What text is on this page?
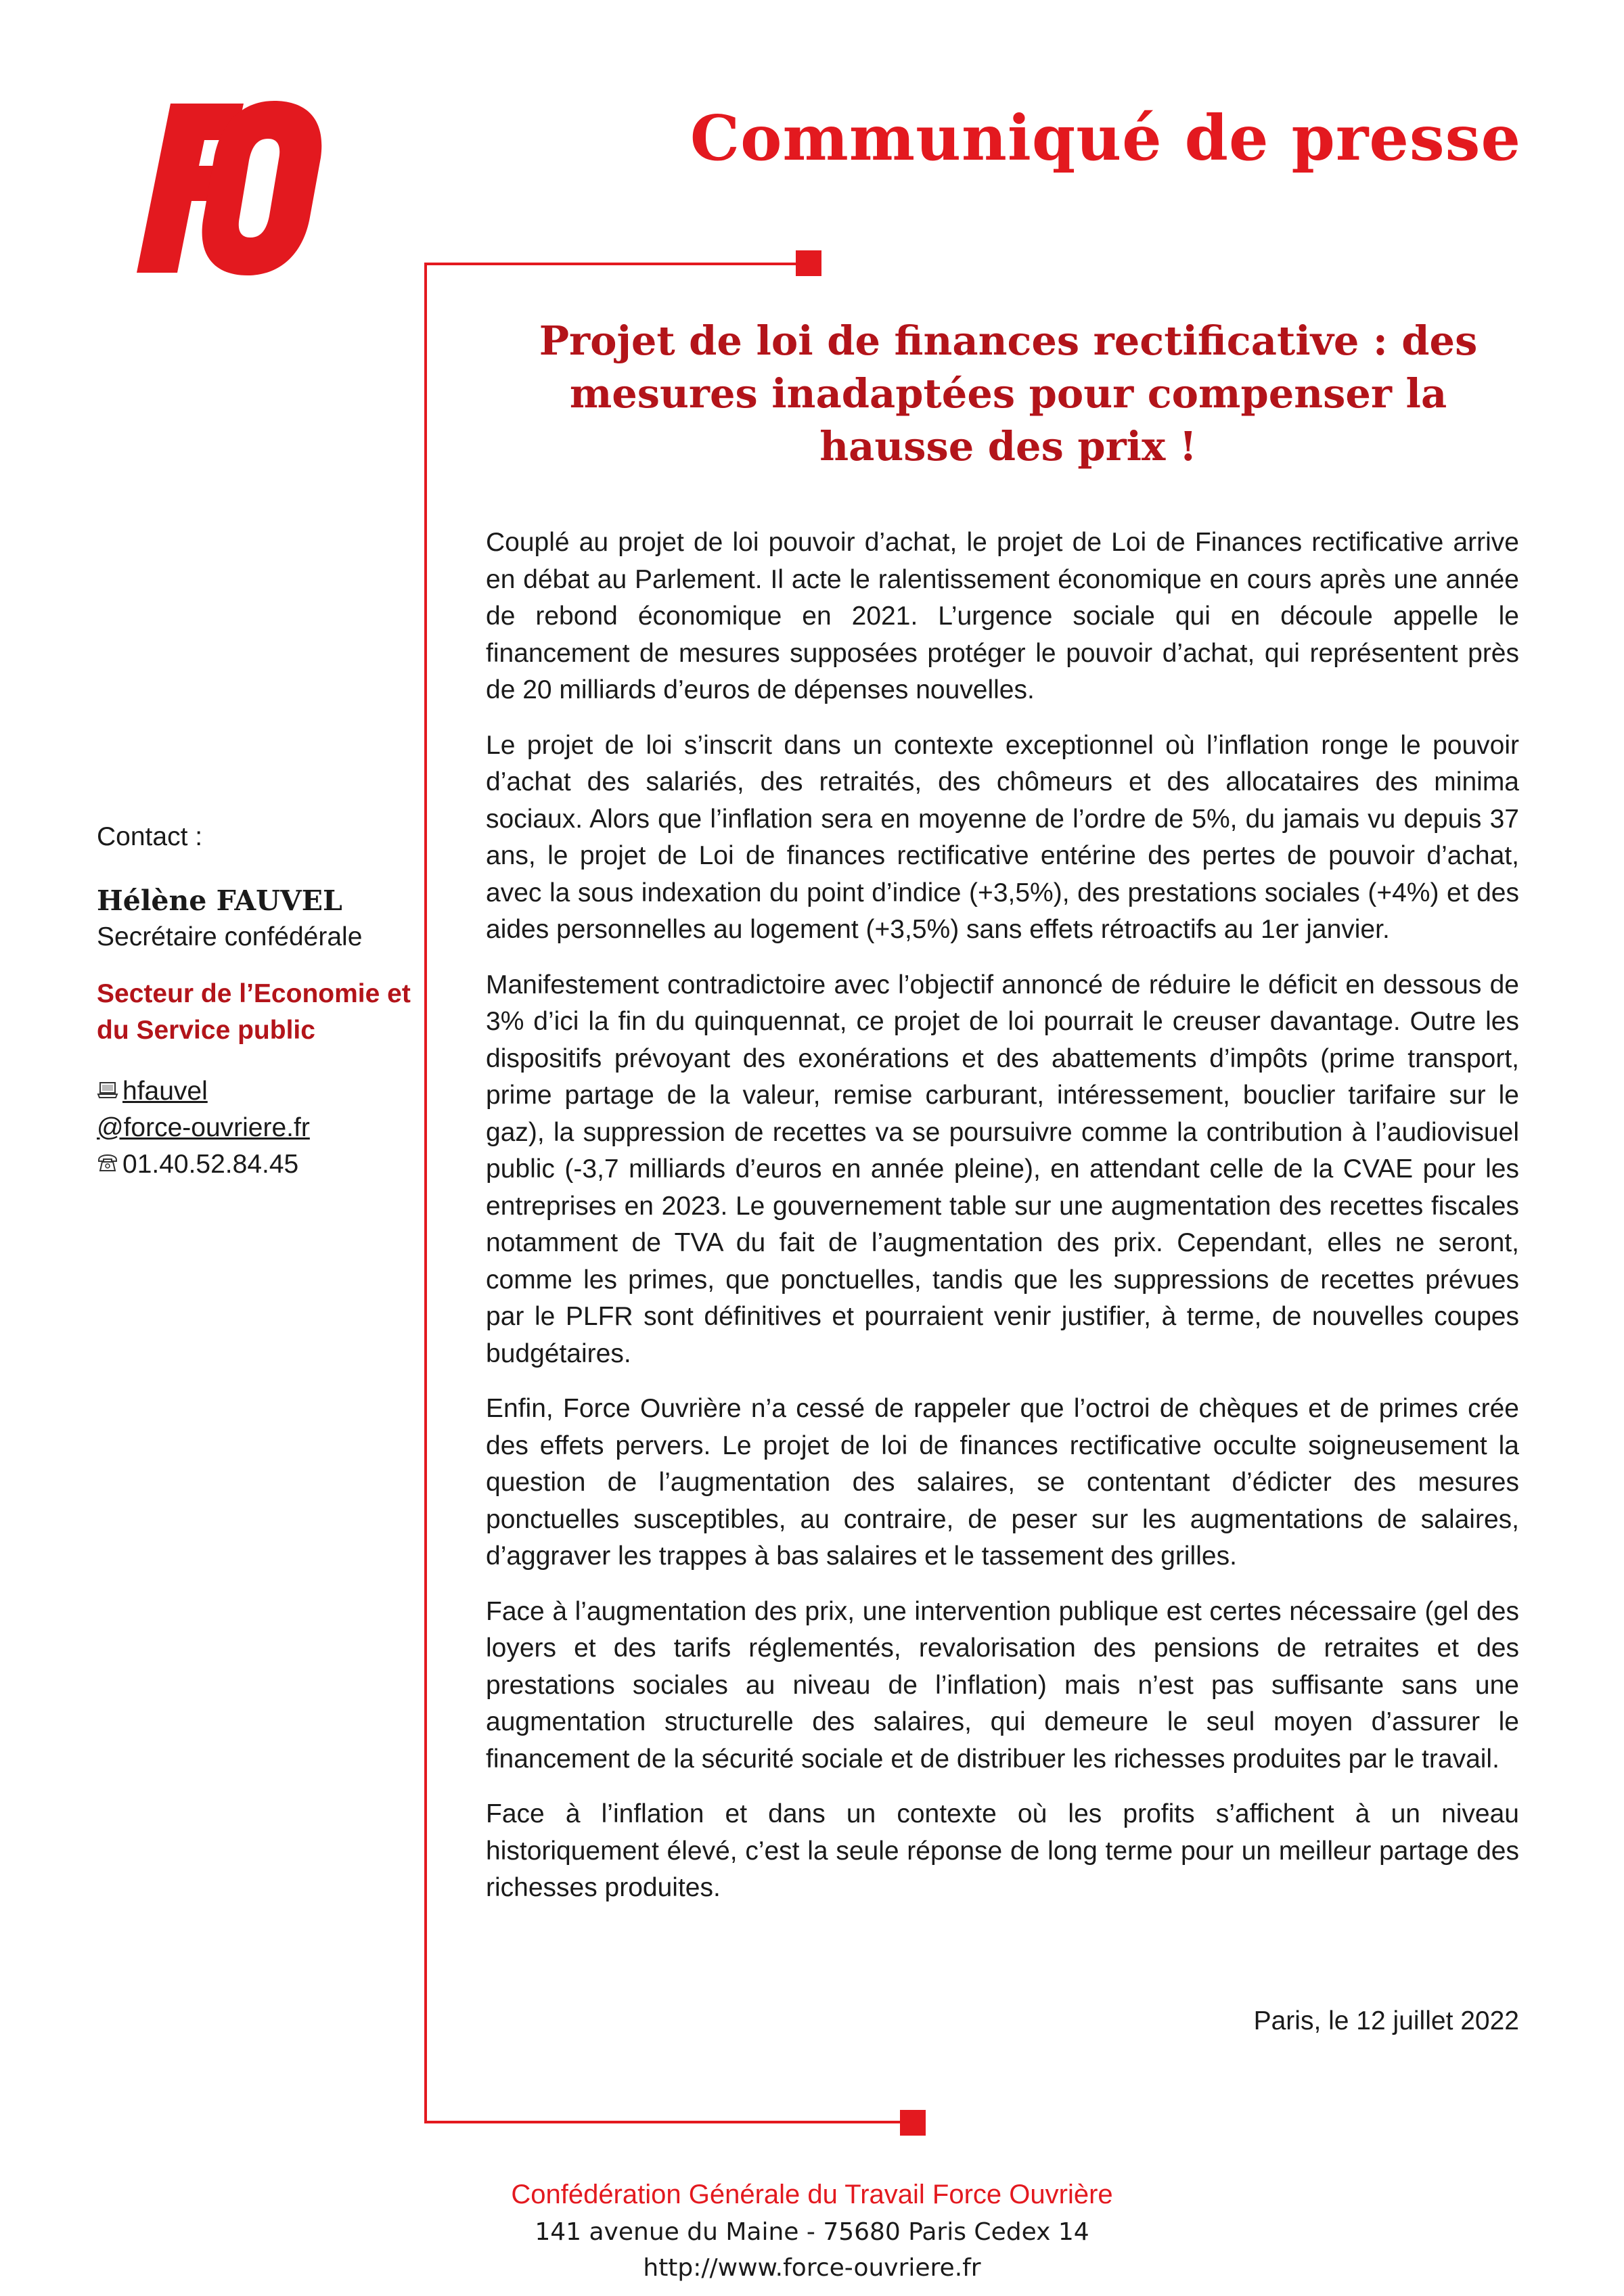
FO
Communiqué de presse
Projet de loi de finances rectificative : des mesures inadaptées pour compenser la hausse des prix !

Couplé au projet de loi pouvoir d’achat, le projet de Loi de Finances rectificative arrive en débat au Parlement. Il acte le ralentissement économique en cours après une année de rebond économique en 2021. L’urgence sociale qui en découle appelle le financement de mesures supposées protéger le pouvoir d’achat, qui représentent près de 20 milliards d’euros de dépenses nouvelles.

Le projet de loi s’inscrit dans un contexte exceptionnel où l’inflation ronge le pouvoir d’achat des salariés, des retraités, des chômeurs et des allocataires des minima sociaux. Alors que l’inflation sera en moyenne de l’ordre de 5%, du jamais vu depuis 37 ans, le projet de Loi de finances rectificative entérine des pertes de pouvoir d’achat, avec la sous indexation du point d’indice (+3,5%), des prestations sociales (+4%) et des aides personnelles au logement (+3,5%) sans effets rétroactifs au 1er janvier.

Manifestement contradictoire avec l’objectif annoncé de réduire le déficit en dessous de 3% d’ici la fin du quinquennat, ce projet de loi pourrait le creuser davantage. Outre les dispositifs prévoyant des exonérations et des abattements d’impôts (prime transport, prime partage de la valeur, remise carburant, intéressement, bouclier tarifaire sur le gaz), la suppression de recettes va se poursuivre comme la contribution à l’audiovisuel public (-3,7 milliards d’euros en année pleine), en attendant celle de la CVAE pour les entreprises en 2023. Le gouvernement table sur une augmentation des recettes fiscales notamment de TVA du fait de l’augmentation des prix. Cependant, elles ne seront, comme les primes, que ponctuelles, tandis que les suppressions de recettes prévues par le PLFR sont définitives et pourraient venir justifier, à terme, de nouvelles coupes budgétaires.

Enfin, Force Ouvrière n’a cessé de rappeler que l’octroi de chèques et de primes crée des effets pervers. Le projet de loi de finances rectificative occulte soigneusement la question de l’augmentation des salaires, se contentant d’édicter des mesures ponctuelles susceptibles, au contraire, de peser sur les augmentations de salaires, d’aggraver les trappes à bas salaires et le tassement des grilles.

Face à l’augmentation des prix, une intervention publique est certes nécessaire (gel des loyers et des tarifs réglementés, revalorisation des pensions de retraites et des prestations sociales au niveau de l’inflation) mais n’est pas suffisante sans une augmentation structurelle des salaires, qui demeure le seul moyen d’assurer le financement de la sécurité sociale et de distribuer les richesses produites par le travail.

Face à l’inflation et dans un contexte où les profits s’affichent à un niveau historiquement élevé, c’est la seule réponse de long terme pour un meilleur partage des richesses produites.

Paris, le 12 juillet 2022
Contact :
Hélène FAUVEL
Secrétaire confédérale
Secteur de l’Economie et du Service public
hfauvel
@force-ouvriere.fr
01.40.52.84.45
Confédération Générale du Travail Force Ouvrière
141 avenue du Maine - 75680 Paris Cedex 14
http://www.force-ouvriere.fr
